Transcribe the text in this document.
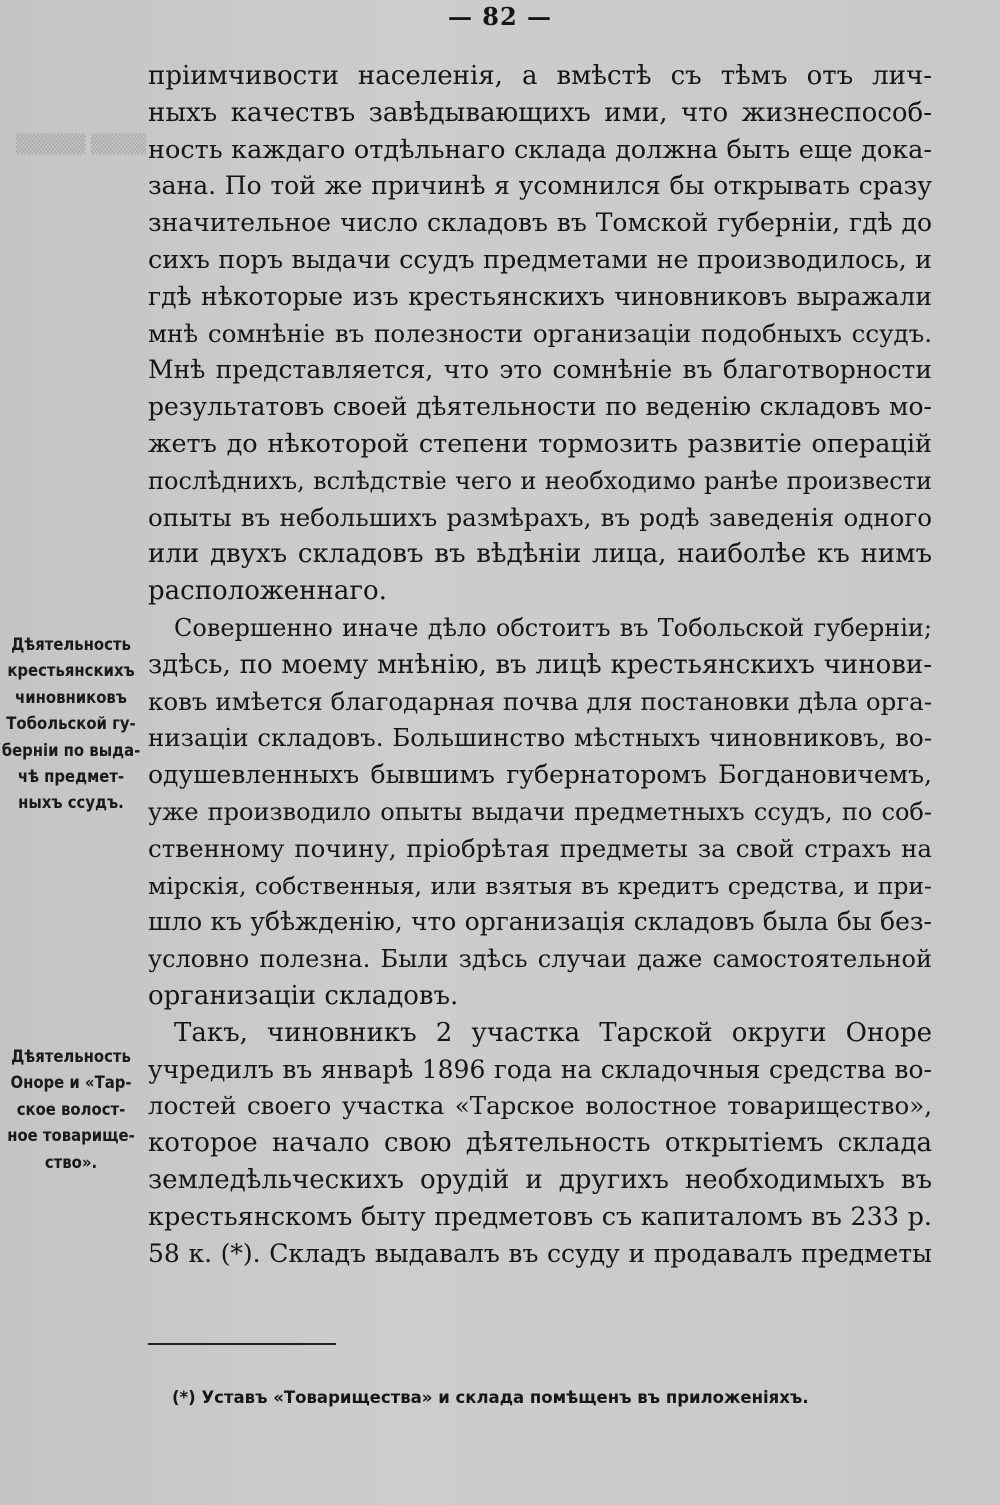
— 82 —
▒▒▒▒▒ ▒▒▒▒
пріимчивости населенія, а вмѣстѣ съ тѣмъ отъ лич-
ныхъ качествъ завѣдывающихъ ими, что жизнеспособ-
ность каждаго отдѣльнаго склада должна быть еще дока-
зана. По той же причинѣ я усомнился бы открывать сразу
значительное число складовъ въ Томской губерніи, гдѣ до
сихъ поръ выдачи ссудъ предметами не производилось, и
гдѣ нѣкоторые изъ крестьянскихъ чиновниковъ выражали
мнѣ сомнѣніе въ полезности организаціи подобныхъ ссудъ.
Мнѣ представляется, что это сомнѣніе въ благотворности
результатовъ своей дѣятельности по веденію складовъ мо-
жетъ до нѣкоторой степени тормозить развитіе операцій
послѣднихъ, вслѣдствіе чего и необходимо ранѣе произвести
опыты въ небольшихъ размѣрахъ, въ родѣ заведенія одного
или двухъ складовъ въ вѣдѣніи лица, наиболѣе къ нимъ
расположеннаго.
Совершенно иначе дѣло обстоитъ въ Тобольской губерніи;
здѣсь, по моему мнѣнію, въ лицѣ крестьянскихъ чинови-
ковъ имѣется благодарная почва для постановки дѣла орга-
низаціи складовъ. Большинство мѣстныхъ чиновниковъ, во-
одушевленныхъ бывшимъ губернаторомъ Богдановичемъ,
уже производило опыты выдачи предметныхъ ссудъ, по соб-
ственному почину, пріобрѣтая предметы за свой страхъ на
мірскія, собственныя, или взятыя въ кредитъ средства, и при-
шло къ убѣжденію, что организація складовъ была бы без-
условно полезна. Были здѣсь случаи даже самостоятельной
организаціи складовъ.
Такъ, чиновникъ 2 участка Тарской округи Оноре
учредилъ въ январѣ 1896 года на складочныя средства во-
лостей своего участка «Тарское волостное товарищество»,
которое начало свою дѣятельность открытіемъ склада
земледѣльческихъ орудій и другихъ необходимыхъ въ
крестьянскомъ быту предметовъ съ капиталомъ въ 233 р.
58 к. (*). Складъ выдавалъ въ ссуду и продавалъ предметы
Дѣятельность
крестьянскихъ
чиновниковъ
Тобольской гу-
берніи по выда-
чѣ предмет-
ныхъ ссудъ.
Дѣятельность
Оноре и «Тар-
ское волост-
ное товарище-
ство».
(*) Уставъ «Товарищества» и склада помѣщенъ въ приложеніяхъ.
